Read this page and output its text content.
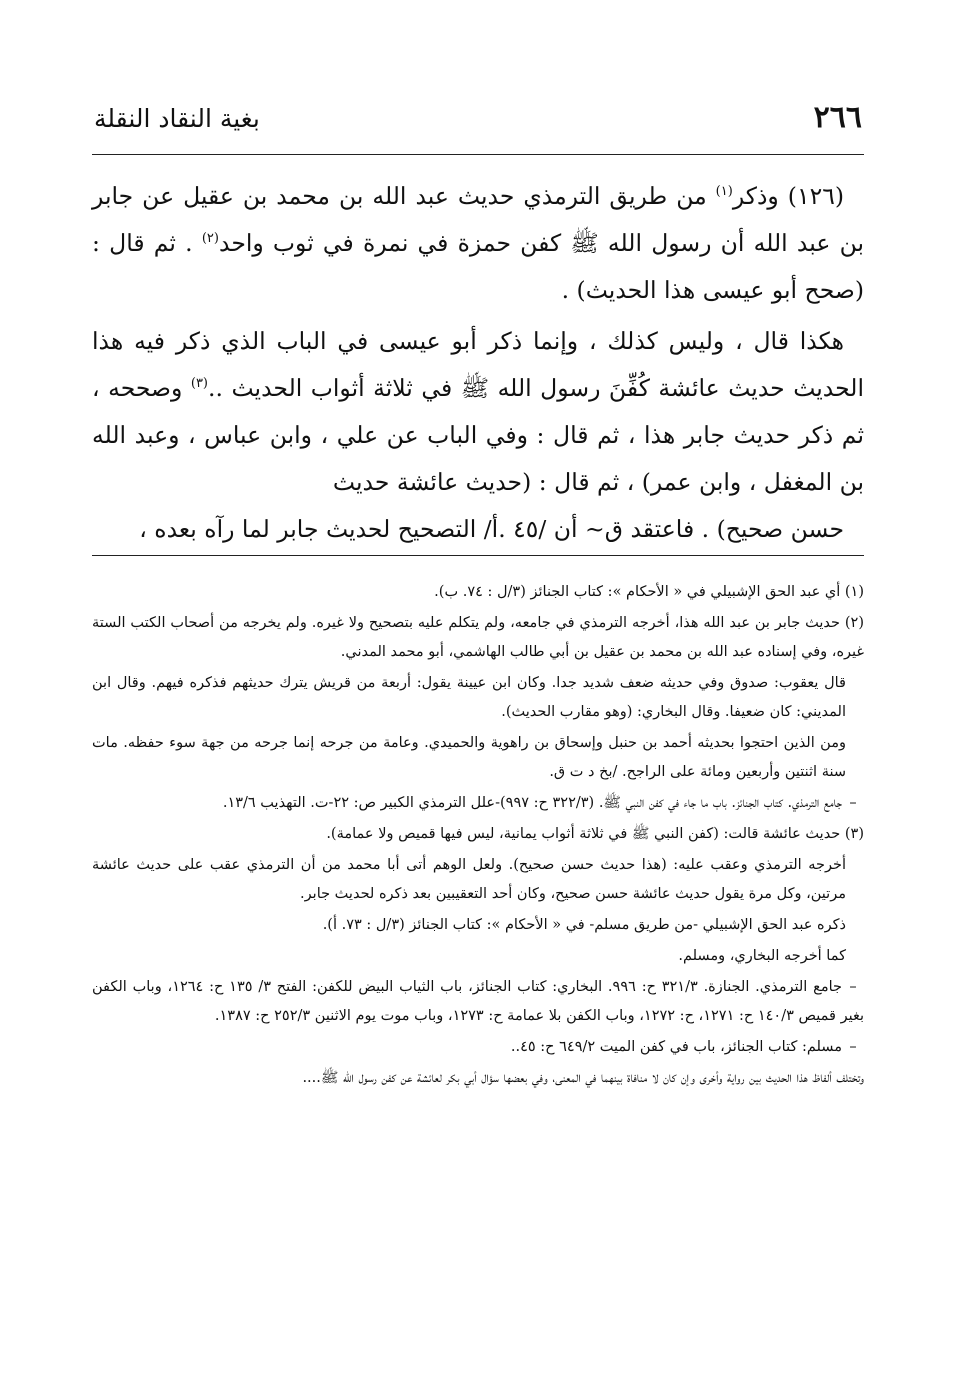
٢٦٦
بغية النقاد النقلة

(١٢٦) وذكر$^{(١)}$ من طريق الترمذي حديث عبد الله بن محمد بن عقيل عن جابر بن عبد الله أن رسول الله ﷺ كفن حمزة في نمرة في ثوب واحد$^{(٢)}$ . ثم قال : (صحح أبو عيسى هذا الحديث) .

هكذا قال ، وليس كذلك ، وإنما ذكر أبو عيسى في الباب الذي ذكر فيه هذا الحديث حديث عائشة كُفِّنَ رسول الله ﷺ في ثلاثة أثواب الحديث ..$^{(٣)}$ وصححه ، ثم ذكر حديث جابر هذا ، ثم قال : وفي الباب عن علي ، وابن عباس ، وعبد الله بن المغفل ، وابن عمر) ، ثم قال : (حديث عائشة حديث
حسن صحيح) . فاعتقد ق~ أن /٤٥ .أ/ التصحيح لحديث جابر لما رآه بعده ،

(١) أي عبد الحق الإشبيلي في « الأحكام »: كتاب الجنائز (٣/ل : ٧٤. ب).

(٢) حديث جابر بن عبد الله هذا، أخرجه الترمذي في جامعه، ولم يتكلم عليه بتصحيح ولا غيره. ولم يخرجه من أصحاب الكتب الستة غيره، وفي إسناده عبد الله بن محمد بن عقيل بن أبي طالب الهاشمي، أبو محمد المدني.

قال يعقوب: صدوق وفي حديثه ضعف شديد جدا. وكان ابن عيينة يقول: أربعة من قريش يترك حديثهم فذكره فيهم. وقال ابن المديني: كان ضعيفا. وقال البخاري: (وهو مقارب الحديث).

ومن الذين احتجوا بحديثه أحمد بن حنبل وإسحاق بن راهوية والحميدي. وعامة من جرحه إنما جرحه من جهة سوء حفظه. مات سنة اثنتين وأربعين ومائة على الراجح. /بخ د ت ق.

–جامع الترمذي. كتاب الجنائز. باب ما جاء في كفن النبي ﷺ. (٣٢٢/٣ ح: ٩٩٧)-علل الترمذي الكبير ص: ٢٢-ت. التهذيب ١٣/٦.

(٣) حديث عائشة قالت: (كفن النبي ﷺ في ثلاثة أثواب يمانية، ليس فيها قميص ولا عمامة).

أخرجه الترمذي وعقب عليه: (هذا حديث حسن صحيح). ولعل الوهم أتى أبا محمد من أن الترمذي عقب على حديث عائشة مرتين، وكل مرة يقول حديث عائشة حسن صحيح، وكان أحد التعقيبين بعد ذكره لحديث جابر.

ذكره عبد الحق الإشبيلي -من طريق مسلم- في « الأحكام »: كتاب الجنائز (٣/ل : ٧٣. أ).

كما أخرجه البخاري، ومسلم.

–جامع الترمذي. الجنازة. ٣٢١/٣ ح: ٩٩٦. البخاري: كتاب الجنائز، باب الثياب البيض للكفن: الفتح ٣/ ١٣٥ ح: ١٢٦٤، وباب الكفن بغير قميص ١٤٠/٣ ح: ١٢٧١، ح: ١٢٧٢، وباب الكفن بلا عمامة ح: ١٢٧٣، وباب موت يوم الاثنين ٢٥٢/٣ ح: ١٣٨٧.

–مسلم: كتاب الجنائز، باب في كفن الميت ٦٤٩/٢ ح: ٤٥..

وتختلف ألفاظ هذا الحديث بين رواية وأخرى وإن كان لا منافاة بينهما في المعنى، وفي بعضها سؤال أبي بكر لعائشة عن كفن رسول الله ﷺ....
